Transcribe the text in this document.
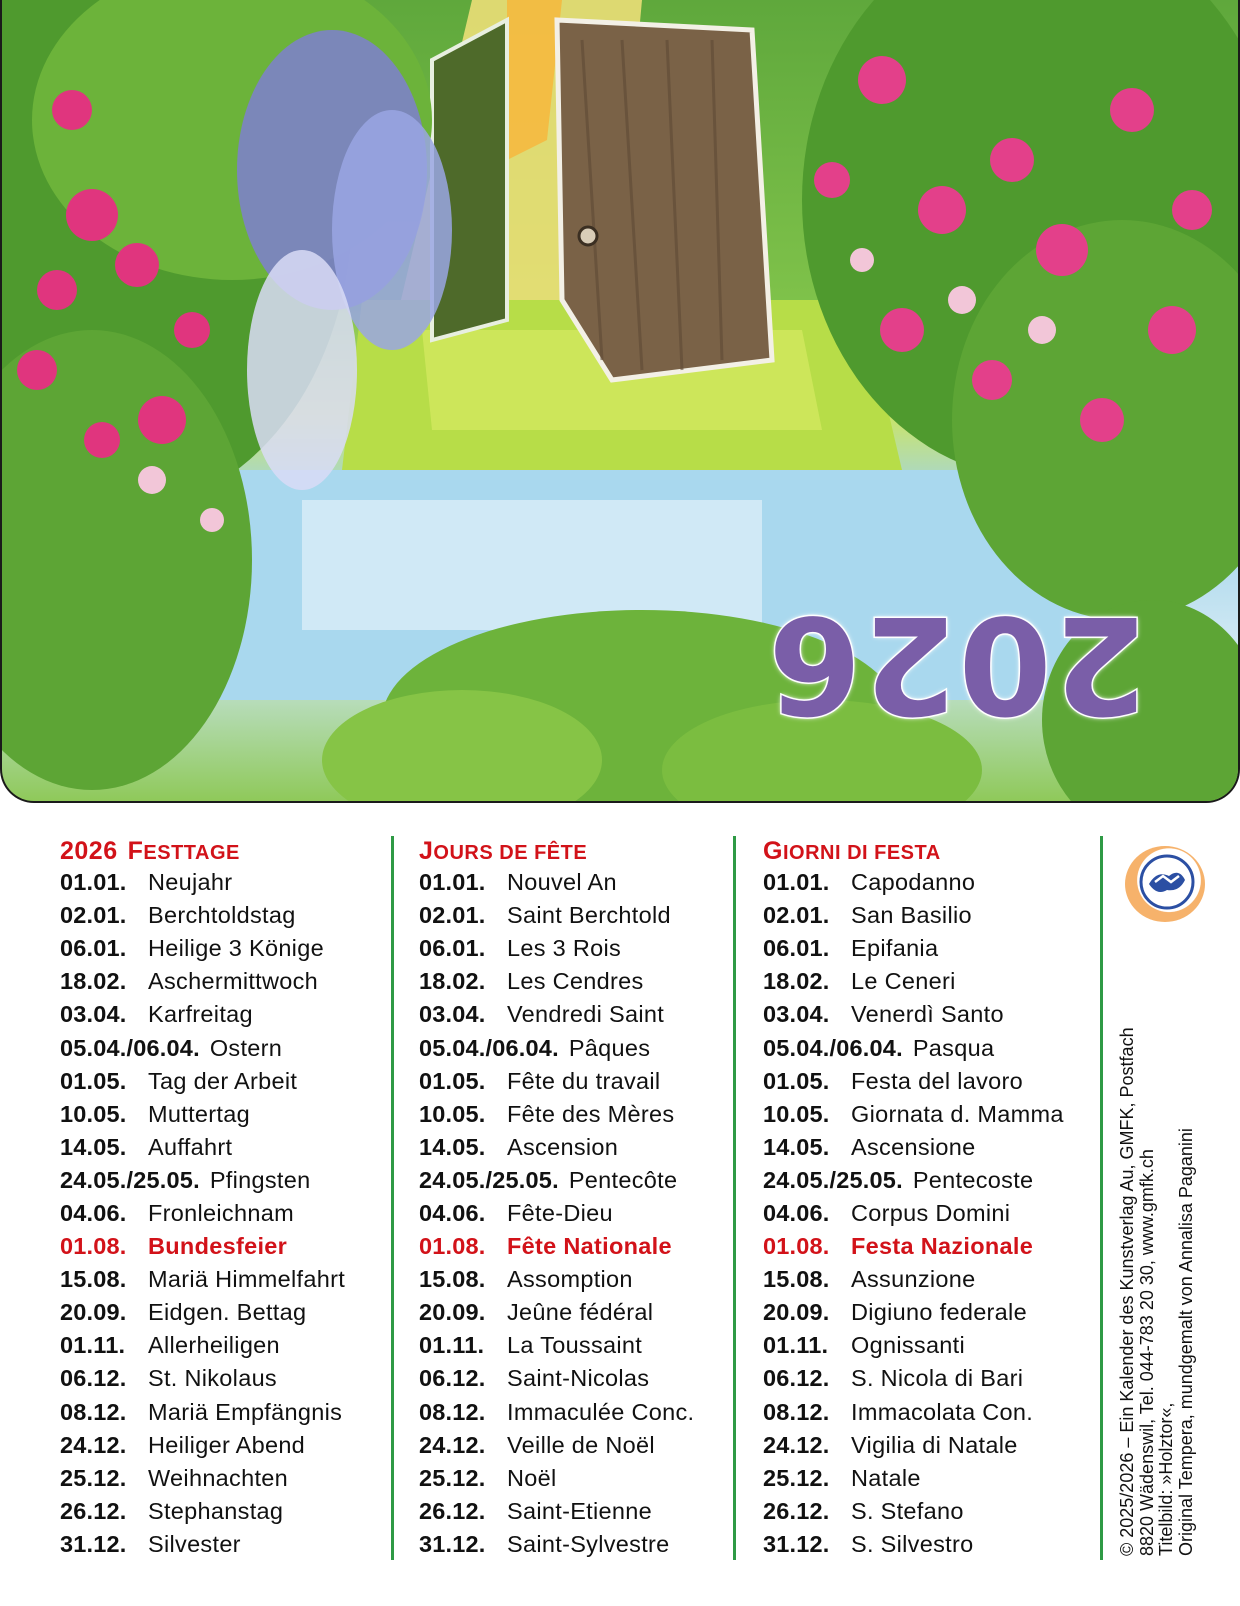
2026
2026 FESTTAGE
01.01. Neujahr
02.01. Berchtoldstag
06.01. Heilige 3 Könige
18.02. Aschermittwoch
03.04. Karfreitag
05.04./06.04. Ostern
01.05. Tag der Arbeit
10.05. Muttertag
14.05. Auffahrt
24.05./25.05. Pfingsten
04.06. Fronleichnam
01.08. Bundesfeier
15.08. Mariä Himmelfahrt
20.09. Eidgen. Bettag
01.11. Allerheiligen
06.12. St. Nikolaus
08.12. Mariä Empfängnis
24.12. Heiliger Abend
25.12. Weihnachten
26.12. Stephanstag
31.12. Silvester
JOURS DE FÊTE
01.01. Nouvel An
02.01. Saint Berchtold
06.01. Les 3 Rois
18.02. Les Cendres
03.04. Vendredi Saint
05.04./06.04. Pâques
01.05. Fête du travail
10.05. Fête des Mères
14.05. Ascension
24.05./25.05. Pentecôte
04.06. Fête-Dieu
01.08. Fête Nationale
15.08. Assomption
20.09. Jeûne fédéral
01.11. La Toussaint
06.12. Saint-Nicolas
08.12. Immaculée Conc.
24.12. Veille de Noël
25.12. Noël
26.12. Saint-Etienne
31.12. Saint-Sylvestre
GIORNI DI FESTA
01.01. Capodanno
02.01. San Basilio
06.01. Epifania
18.02. Le Ceneri
03.04. Venerdì Santo
05.04./06.04. Pasqua
01.05. Festa del lavoro
10.05. Giornata d. Mamma
14.05. Ascensione
24.05./25.05. Pentecoste
04.06. Corpus Domini
01.08. Festa Nazionale
15.08. Assunzione
20.09. Digiuno federale
01.11. Ognissanti
06.12. S. Nicola di Bari
08.12. Immacolata Con.
24.12. Vigilia di Natale
25.12. Natale
26.12. S. Stefano
31.12. S. Silvestro	© 2025/2026 – Ein Kalender des Kunstverlag Au, GMFK, Postfach 8820 Wädenswil, Tel. 044-783 20 30, www.gmfk.ch Titelbild: »Holztor«, Original Tempera, mundgemalt von Annalisa Paganini
